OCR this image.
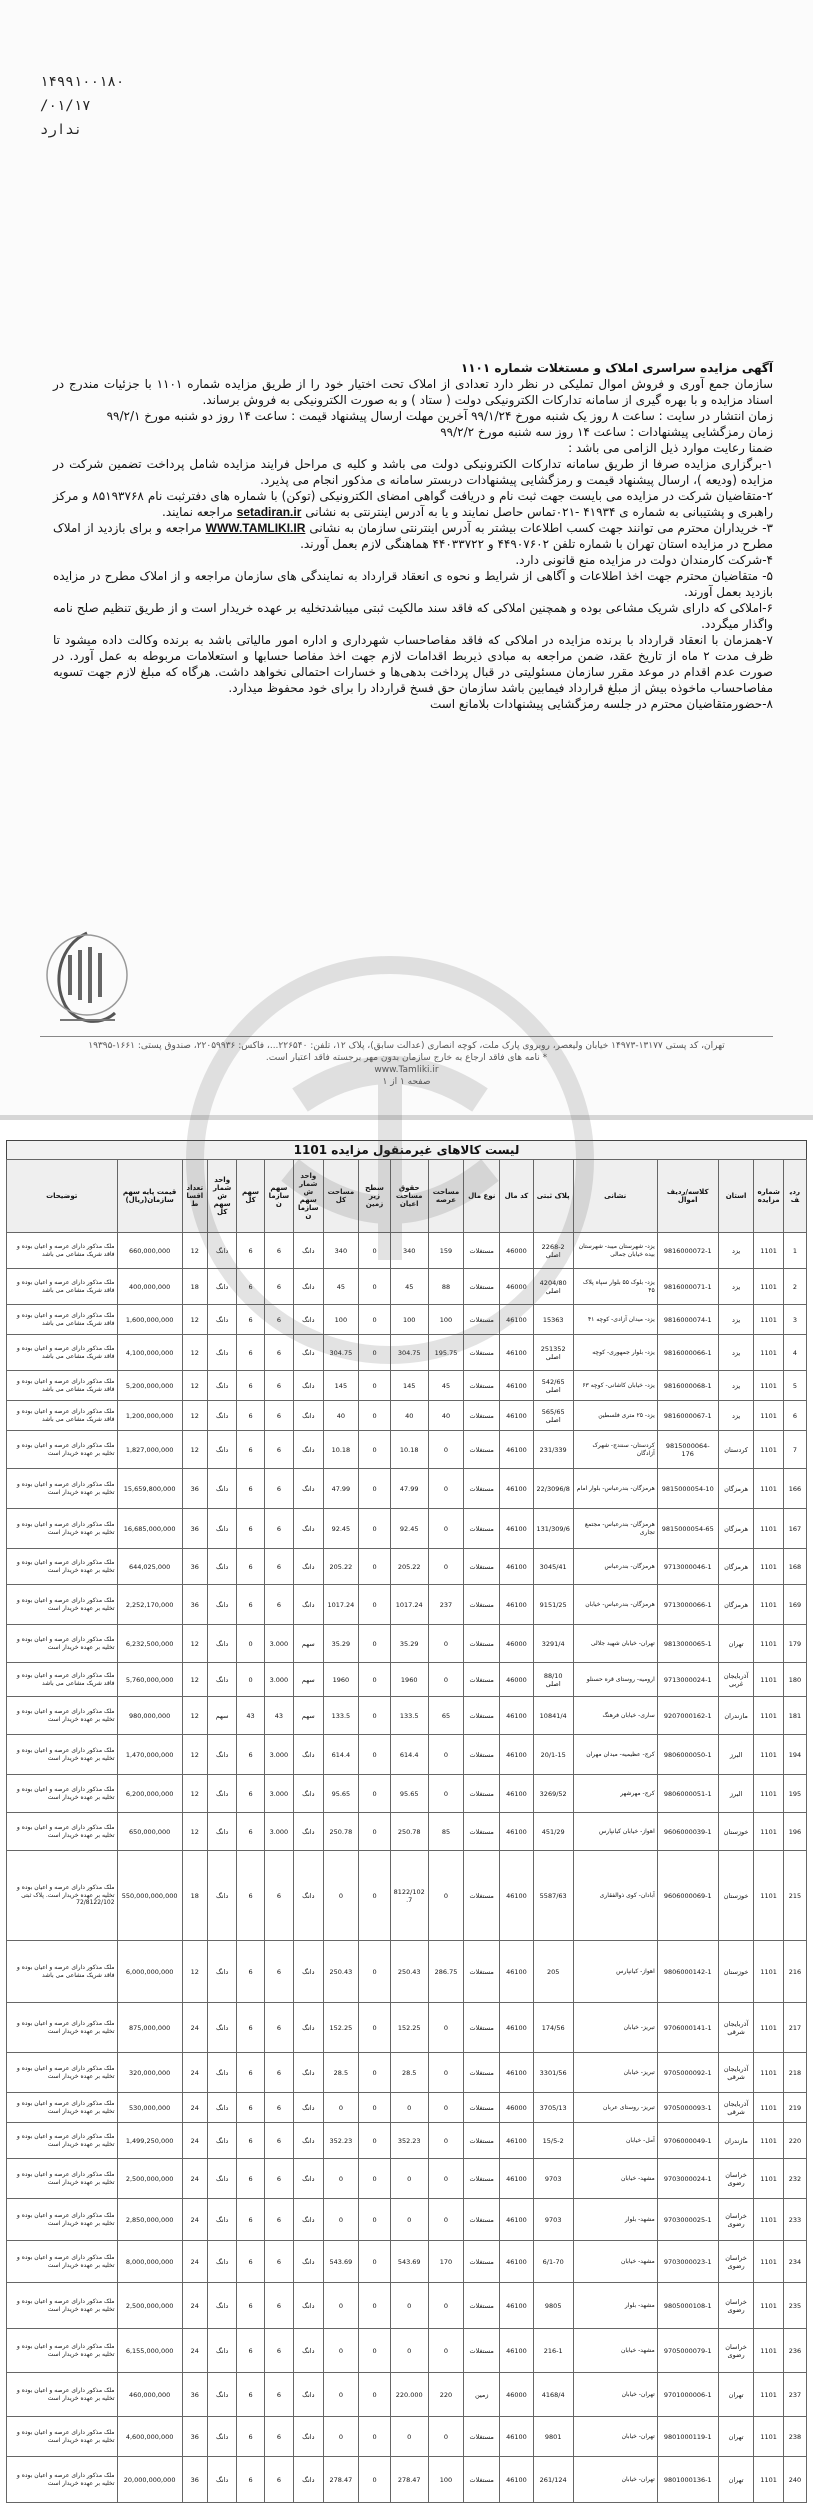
۱۴۹۹۱۰۰۱۸۰
۰۱/۱۷/
ندارد

آگهی مزایده سراسری املاک و مستغلات شماره ۱۱۰۱

سازمان جمع آوری و فروش اموال تملیکی در نظر دارد تعدادی از املاک تحت اختیار خود را از طریق مزایده شماره ۱۱۰۱ با جزئیات مندرج در اسناد مزایده و با بهره گیری از سامانه تدارکات الکترونیکی دولت ( ستاد ) و به صورت الکترونیکی به فروش برساند.

زمان انتشار در سایت : ساعت ۸ روز یک شنبه مورخ ۹۹/۱/۲۴ آخرین مهلت ارسال پیشنهاد قیمت : ساعت ۱۴ روز دو شنبه مورخ ۹۹/۲/۱

زمان رمزگشایی پیشنهادات : ساعت ۱۴ روز سه شنبه مورخ ۹۹/۲/۲

ضمنا رعایت موارد ذیل الزامی می باشد :

۱-برگزاری مزایده صرفا از طریق سامانه تدارکات الکترونیکی دولت می باشد و کلیه ی مراحل فرایند مزایده شامل پرداخت تضمین شرکت در مزایده (ودیعه )، ارسال پیشنهاد قیمت و رمزگشایی پیشنهادات دربستر سامانه ی مذکور انجام می پذیرد.

۲-متقاضیان شرکت در مزایده می بایست جهت ثبت نام و دریافت گواهی امضای الکترونیکی (توکن) با شماره های دفترثبت نام ۸۵۱۹۳۷۶۸ و مرکز راهبری و پشتیبانی به شماره ی ۴۱۹۳۴ -۰۲۱تماس حاصل نمایند و یا به آدرس اینترنتی به نشانی setadiran.ir مراجعه نمایند.

۳- خریداران محترم می توانند جهت کسب اطلاعات بیشتر به آدرس اینترنتی سازمان به نشانی WWW.TAMLIKI.IR مراجعه و برای بازدید از املاک مطرح در مزایده استان تهران با شماره تلفن ۴۴۹۰۷۶۰۲ و ۴۴۰۳۳۷۲۲ هماهنگی لازم بعمل آورند.

۴-شرکت کارمندان دولت در مزایده منع قانونی دارد.

۵- متقاضیان محترم جهت اخذ اطلاعات و آگاهی از شرایط و نحوه ی انعقاد قرارداد به نمایندگی های سازمان مراجعه و از املاک مطرح در مزایده بازدید بعمل آورند.

۶-املاکی که دارای شریک مشاعی بوده و همچنین املاکی که فاقد سند مالکیت ثبتی میباشدتخلیه بر عهده خریدار است و از طریق تنظیم صلح نامه واگذار میگردد.

۷-همزمان با انعقاد قرارداد با برنده مزایده در املاکی که فاقد مفاصاحساب شهرداری و اداره امور مالیاتی باشد به برنده وکالت داده میشود تا ظرف مدت ۲ ماه از تاریخ عقد، ضمن مراجعه به مبادی ذیربط اقدامات لازم جهت اخذ مفاصا حسابها و استعلامات مربوطه به عمل آورد. در صورت عدم اقدام در موعد مقرر سازمان مسئولیتی در قبال پرداخت بدهی‌ها و خسارات احتمالی نخواهد داشت. هرگاه که مبلغ لازم جهت تسویه مفاصاحساب ماخوذه بیش از مبلغ قرارداد فیمابین باشد سازمان حق فسخ قرارداد را برای خود محفوظ میدارد.

۸-حضورمتقاضیان محترم در جلسه رمزگشایی پیشنهادات بلامانع است

تهران، کد پستی ۱۳۱۷۷-۱۴۹۷۳ خیابان ولیعصر، روبروی پارک ملت، کوچه انصاری (عدالت سابق)، پلاک ۱۲، تلفن: ۲۲۶۵۴۰...، فاکس: ۲۲۰۵۹۹۳۶، صندوق پستی: ۱۶۶۱-۱۹۳۹۵
* نامه های فاقد ارجاع به خارج سازمان بدون مهر برجسته فاقد اعتبار است.
www.Tamliki.ir
صفحه ۱ از ۱
لیست کالاهای غیرمنقول مزایده 1101
ردیف	شماره مزایده	استان	کلاسه/ردیف اموال	نشانی	پلاک ثبتی	کد مال	نوع مال	مساحت عرصه	حقوق مساحت اعیان	سطح زیر زمین	مساحت کل	واحد شمارش سهم سازمان	سهم سازمان	سهم کل	واحد شمارش سهم کل	تعداد اقساط	قیمت پایه سهم سازمان(ریال)	توضیحات
1	1101	یزد	9816000072-1	یزد- شهرستان میبد- شهرستان بیده خیابان جمالی	2268-2 اصلی	46000	مستغلات	159	340	0	340	دانگ	6	6	دانگ	12	660,000,000	ملک مذکور دارای عرصه و اعیان بوده و فاقد شریک مشاعی می باشد
2	1101	یزد	9816000071-1	یزد- بلوک ۵۵ بلوار سپاه پلاک ۴۵	4204/80 اصلی	46000	مستغلات	88	45	0	45	دانگ	6	6	دانگ	18	400,000,000	ملک مذکور دارای عرصه و اعیان بوده و فاقد شریک مشاعی می باشد
3	1101	یزد	9816000074-1	یزد- میدان آزادی- کوچه ۴۱	15363	46100	مستغلات	100	100	0	100	دانگ	6	6	دانگ	12	1,600,000,000	ملک مذکور دارای عرصه و اعیان بوده و فاقد شریک مشاعی می باشد
4	1101	یزد	9816000066-1	یزد- بلوار جمهوری- کوچه	251352 اصلی	46100	مستغلات	195.75	304.75	0	304.75	دانگ	6	6	دانگ	12	4,100,000,000	ملک مذکور دارای عرصه و اعیان بوده و فاقد شریک مشاعی می باشد
5	1101	یزد	9816000068-1	یزد- خیابان کاشانی- کوچه ۶۳	542/65 اصلی	46100	مستغلات	45	145	0	145	دانگ	6	6	دانگ	12	5,200,000,000	ملک مذکور دارای عرصه و اعیان بوده و فاقد شریک مشاعی می باشد
6	1101	یزد	9816000067-1	یزد- ۲۵ متری فلسطین	565/65 اصلی	46100	مستغلات	40	40	0	40	دانگ	6	6	دانگ	12	1,200,000,000	ملک مذکور دارای عرصه و اعیان بوده و فاقد شریک مشاعی می باشد
7	1101	کردستان	9815000064-176	کردستان- سنندج- شهرک آزادگان	231/339	46100	مستغلات	0	10.18	0	10.18	دانگ	6	6	دانگ	12	1,827,000,000	ملک مذکور دارای عرصه و اعیان بوده و تخلیه بر عهده خریدار است
166	1101	هرمزگان	9815000054-10	هرمزگان- بندرعباس- بلوار امام	22/3096/8	46100	مستغلات	0	47.99	0	47.99	دانگ	6	6	دانگ	36	15,659,800,000	ملک مذکور دارای عرصه و اعیان بوده و تخلیه بر عهده خریدار است
167	1101	هرمزگان	9815000054-65	هرمزگان- بندرعباس- مجتمع تجاری	131/309/6	46100	مستغلات	0	92.45	0	92.45	دانگ	6	6	دانگ	36	16,685,000,000	ملک مذکور دارای عرصه و اعیان بوده و تخلیه بر عهده خریدار است
168	1101	هرمزگان	9713000046-1	هرمزگان- بندرعباس	3045/41	46100	مستغلات	0	205.22	0	205.22	دانگ	6	6	دانگ	36	644,025,000	ملک مذکور دارای عرصه و اعیان بوده و تخلیه بر عهده خریدار است
169	1101	هرمزگان	9713000066-1	هرمزگان- بندرعباس- خیابان	9151/25	46100	مستغلات	237	1017.24	0	1017.24	دانگ	6	6	دانگ	36	2,252,170,000	ملک مذکور دارای عرصه و اعیان بوده و تخلیه بر عهده خریدار است
179	1101	تهران	9813000065-1	تهران- خیابان شهید جلالی	3291/4	46000	مستغلات	0	35.29	0	35.29	سهم	3.000	0	دانگ	12	6,232,500,000	ملک مذکور دارای عرصه و اعیان بوده و تخلیه بر عهده خریدار است
180	1101	آذربایجان غربی	9713000024-1	ارومیه- روستای قره حسنلو	88/10 اصلی	46000	مستغلات	0	1960	0	1960	سهم	3.000	0	دانگ	12	5,760,000,000	ملک مذکور دارای عرصه و اعیان بوده و فاقد شریک مشاعی می باشد
181	1101	مازندران	9207000162-1	ساری- خیابان فرهنگ	10841/4	46100	مستغلات	65	133.5	0	133.5	سهم	43	43	سهم	12	980,000,000	ملک مذکور دارای عرصه و اعیان بوده و تخلیه بر عهده خریدار است
194	1101	البرز	9806000050-1	کرج- عظیمیه- میدان مهران	20/1-15	46100	مستغلات	0	614.4	0	614.4	دانگ	3.000	6	دانگ	12	1,470,000,000	ملک مذکور دارای عرصه و اعیان بوده و تخلیه بر عهده خریدار است
195	1101	البرز	9806000051-1	کرج- مهرشهر	3269/52	46100	مستغلات	0	95.65	0	95.65	دانگ	3.000	6	دانگ	12	6,200,000,000	ملک مذکور دارای عرصه و اعیان بوده و تخلیه بر عهده خریدار است
196	1101	خوزستان	9606000039-1	اهواز- خیابان کیانپارس	451/29	46100	مستغلات	85	250.78	0	250.78	دانگ	3.000	6	دانگ	12	650,000,000	ملک مذکور دارای عرصه و اعیان بوده و تخلیه بر عهده خریدار است
215	1101	خوزستان	9606000069-1	آبادان- کوی ذوالفقاری	5587/63	46100	مستغلات	0	8122/102.7	0	0	دانگ	6	6	دانگ	18	550,000,000,000	ملک مذکور دارای عرصه و اعیان بوده و تخلیه بر عهده خریدار است. پلاک ثبتی 72/8122/102
216	1101	خوزستان	9806000142-1	اهواز- کیانپارس	205	46100	مستغلات	286.75	250.43	0	250.43	دانگ	6	6	دانگ	12	6,000,000,000	ملک مذکور دارای عرصه و اعیان بوده و فاقد شریک مشاعی می باشد
217	1101	آذربایجان شرقی	9706000141-1	تبریز- خیابان	174/56	46100	مستغلات	0	152.25	0	152.25	دانگ	6	6	دانگ	24	875,000,000	ملک مذکور دارای عرصه و اعیان بوده و تخلیه بر عهده خریدار است
218	1101	آذربایجان شرقی	9705000092-1	تبریز- خیابان	3301/56	46100	مستغلات	0	28.5	0	28.5	دانگ	6	6	دانگ	24	320,000,000	ملک مذکور دارای عرصه و اعیان بوده و تخلیه بر عهده خریدار است
219	1101	آذربایجان شرقی	9705000093-1	تبریز- روستای عربان	3705/13	46000	مستغلات	0	0	0	0	دانگ	6	6	دانگ	24	530,000,000	ملک مذکور دارای عرصه و اعیان بوده و تخلیه بر عهده خریدار است
220	1101	مازندران	9706000049-1	آمل- خیابان	15/5-2	46100	مستغلات	0	352.23	0	352.23	دانگ	6	6	دانگ	24	1,499,250,000	ملک مذکور دارای عرصه و اعیان بوده و تخلیه بر عهده خریدار است
232	1101	خراسان رضوی	9703000024-1	مشهد- خیابان	9703	46100	مستغلات	0	0	0	0	دانگ	6	6	دانگ	24	2,500,000,000	ملک مذکور دارای عرصه و اعیان بوده و تخلیه بر عهده خریدار است
233	1101	خراسان رضوی	9703000025-1	مشهد- بلوار	9703	46100	مستغلات	0	0	0	0	دانگ	6	6	دانگ	24	2,850,000,000	ملک مذکور دارای عرصه و اعیان بوده و تخلیه بر عهده خریدار است
234	1101	خراسان رضوی	9703000023-1	مشهد- خیابان	6/1-70	46100	مستغلات	170	543.69	0	543.69	دانگ	6	6	دانگ	24	8,000,000,000	ملک مذکور دارای عرصه و اعیان بوده و تخلیه بر عهده خریدار است
235	1101	خراسان رضوی	9805000108-1	مشهد- بلوار	9805	46100	مستغلات	0	0	0	0	دانگ	6	6	دانگ	24	2,500,000,000	ملک مذکور دارای عرصه و اعیان بوده و تخلیه بر عهده خریدار است
236	1101	خراسان رضوی	9705000079-1	مشهد- خیابان	216-1	46100	مستغلات	0	0	0	0	دانگ	6	6	دانگ	24	6,155,000,000	ملک مذکور دارای عرصه و اعیان بوده و تخلیه بر عهده خریدار است
237	1101	تهران	9701000006-1	تهران- خیابان	4168/4	46000	زمین	220	220.000	0	0	دانگ	6	6	دانگ	36	460,000,000	ملک مذکور دارای عرصه و اعیان بوده و تخلیه بر عهده خریدار است
238	1101	تهران	9801000119-1	تهران- خیابان	9801	46100	مستغلات	0	0	0	0	دانگ	6	6	دانگ	36	4,600,000,000	ملک مذکور دارای عرصه و اعیان بوده و تخلیه بر عهده خریدار است
240	1101	تهران	9801000136-1	تهران- خیابان	261/124	46100	مستغلات	100	278.47	0	278.47	دانگ	6	6	دانگ	36	20,000,000,000	ملک مذکور دارای عرصه و اعیان بوده و تخلیه بر عهده خریدار است
